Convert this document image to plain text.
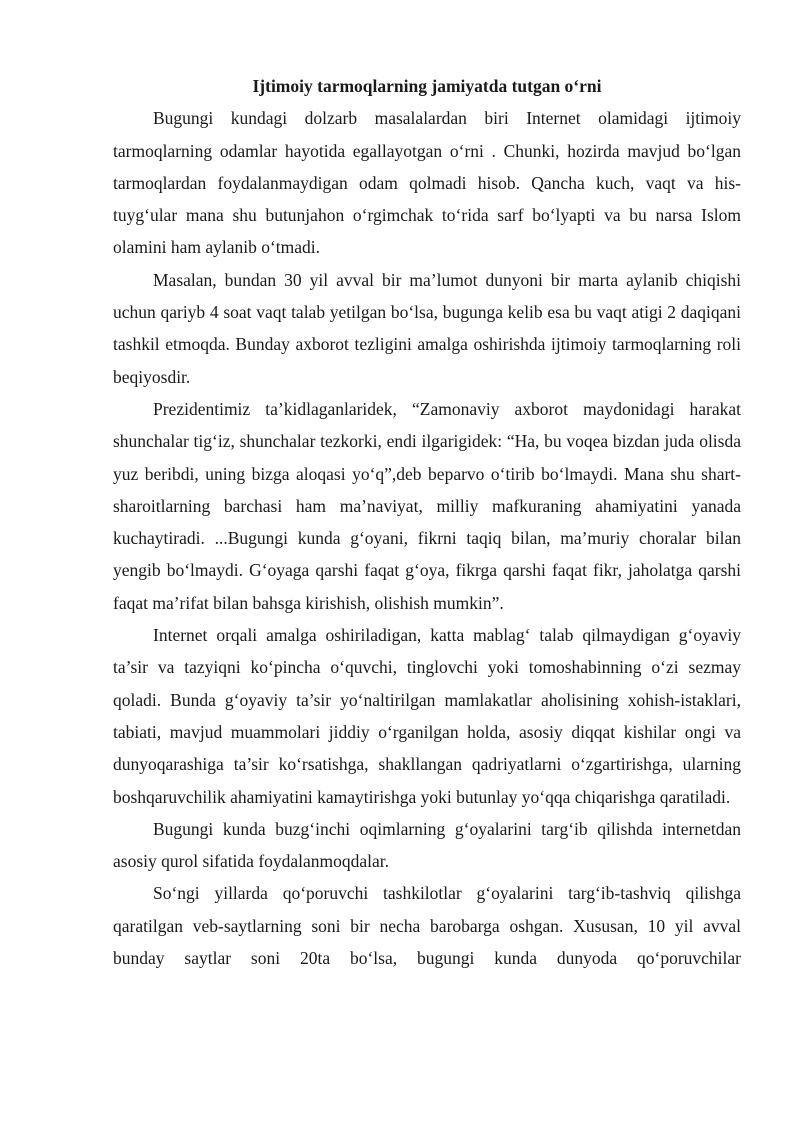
Ijtimoiy tarmoqlarning jamiyatda tutgan o‘rni

Bugungi kundagi dolzarb masalalardan biri Internet olamidagi ijtimoiy tarmoqlarning odamlar hayotida egallayotgan o‘rni . Chunki, hozirda mavjud bo‘lgan tarmoqlardan foydalanmaydigan odam qolmadi hisob. Qancha kuch, vaqt va his- tuyg‘ular mana shu butunjahon o‘rgimchak to‘rida sarf bo‘lyapti va bu narsa Islom olamini ham aylanib o‘tmadi.

Masalan, bundan 30 yil avval bir ma’lumot dunyoni bir marta aylanib chiqishi uchun qariyb 4 soat vaqt talab yetilgan bo‘lsa, bugunga kelib esa bu vaqt atigi 2 daqiqani tashkil etmoqda. Bunday axborot tezligini amalga oshirishda ijtimoiy tarmoqlarning roli beqiyosdir.

Prezidentimiz ta’kidlaganlaridek, “Zamonaviy axborot maydonidagi harakat shunchalar tig‘iz, shunchalar tezkorki, endi ilgarigidek: “Ha, bu voqea bizdan juda olisda yuz beribdi, uning bizga aloqasi yo‘q”,deb beparvo o‘tirib bo‘lmaydi. Mana shu shart-sharoitlarning barchasi ham ma’naviyat, milliy mafkuraning ahamiyatini yanada kuchaytiradi. ...Bugungi kunda g‘oyani, fikrni taqiq bilan, ma’muriy choralar bilan yengib bo‘lmaydi. G‘oyaga qarshi faqat g‘oya, fikrga qarshi faqat fikr, jaholatga qarshi faqat ma’rifat bilan bahsga kirishish, olishish mumkin”.

Internet orqali amalga oshiriladigan, katta mablag‘ talab qilmaydigan g‘oyaviy ta’sir va tazyiqni ko‘pincha o‘quvchi, tinglovchi yoki tomoshabinning o‘zi sezmay qoladi. Bunda g‘oyaviy ta’sir yo‘naltirilgan mamlakatlar aholisining xohish-istaklari, tabiati, mavjud muammolari jiddiy o‘rganilgan holda, asosiy diqqat kishilar ongi va dunyoqarashiga ta’sir ko‘rsatishga, shakllangan qadriyatlarni o‘zgartirishga, ularning boshqaruvchilik ahamiyatini kamaytirishga yoki butunlay yo‘qqa chiqarishga qaratiladi.

Bugungi kunda buzg‘inchi oqimlarning g‘oyalarini targ‘ib qilishda internetdan asosiy qurol sifatida foydalanmoqdalar.

So‘ngi yillarda qo‘poruvchi tashkilotlar g‘oyalarini targ‘ib-tashviq qilishga qaratilgan veb-saytlarning soni bir necha barobarga oshgan. Xususan, 10 yil avval bunday saytlar soni 20ta bo‘lsa, bugungi kunda dunyoda qo‘poruvchilar
